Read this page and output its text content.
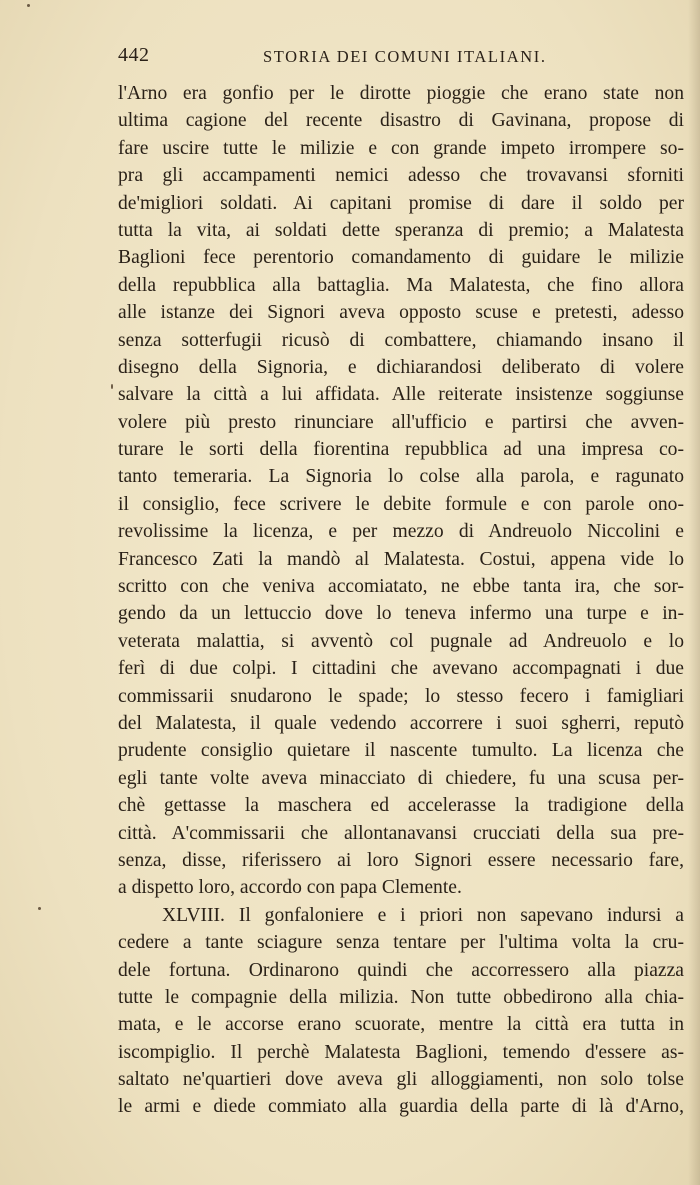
442	STORIA DEI COMUNI ITALIANI.
l'Arno era gonfio per le dirotte pioggie che erano state non
ultima cagione del recente disastro di Gavinana, propose di
fare uscire tutte le milizie e con grande impeto irrompere so-
pra gli accampamenti nemici adesso che trovavansi sforniti
de'migliori soldati. Ai capitani promise di dare il soldo per
tutta la vita, ai soldati dette speranza di premio; a Malatesta
Baglioni fece perentorio comandamento di guidare le milizie
della repubblica alla battaglia. Ma Malatesta, che fino allora
alle istanze dei Signori aveva opposto scuse e pretesti, adesso
senza sotterfugii ricusò di combattere, chiamando insano il
disegno della Signoria, e dichiarandosi deliberato di volere
salvare la città a lui affidata. Alle reiterate insistenze soggiunse
volere più presto rinunciare all'ufficio e partirsi che avven-
turare le sorti della fiorentina repubblica ad una impresa co-
tanto temeraria. La Signoria lo colse alla parola, e ragunato
il consiglio, fece scrivere le debite formule e con parole ono-
revolissime la licenza, e per mezzo di Andreuolo Niccolini e
Francesco Zati la mandò al Malatesta. Costui, appena vide lo
scritto con che veniva accomiatato, ne ebbe tanta ira, che sor-
gendo da un lettuccio dove lo teneva infermo una turpe e in-
veterata malattia, si avventò col pugnale ad Andreuolo e lo
ferì di due colpi. I cittadini che avevano accompagnati i due
commissarii snudarono le spade; lo stesso fecero i famigliari
del Malatesta, il quale vedendo accorrere i suoi sgherri, reputò
prudente consiglio quietare il nascente tumulto. La licenza che
egli tante volte aveva minacciato di chiedere, fu una scusa per-
chè gettasse la maschera ed accelerasse la tradigione della
città. A'commissarii che allontanavansi crucciati della sua pre-
senza, disse, riferissero ai loro Signori essere necessario fare,
a dispetto loro, accordo con papa Clemente.
XLVIII. Il gonfaloniere e i priori non sapevano indursi a
cedere a tante sciagure senza tentare per l'ultima volta la cru-
dele fortuna. Ordinarono quindi che accorressero alla piazza
tutte le compagnie della milizia. Non tutte obbedirono alla chia-
mata, e le accorse erano scuorate, mentre la città era tutta in
iscompiglio. Il perchè Malatesta Baglioni, temendo d'essere as-
saltato ne'quartieri dove aveva gli alloggiamenti, non solo tolse
le armi e diede commiato alla guardia della parte di là d'Arno,
